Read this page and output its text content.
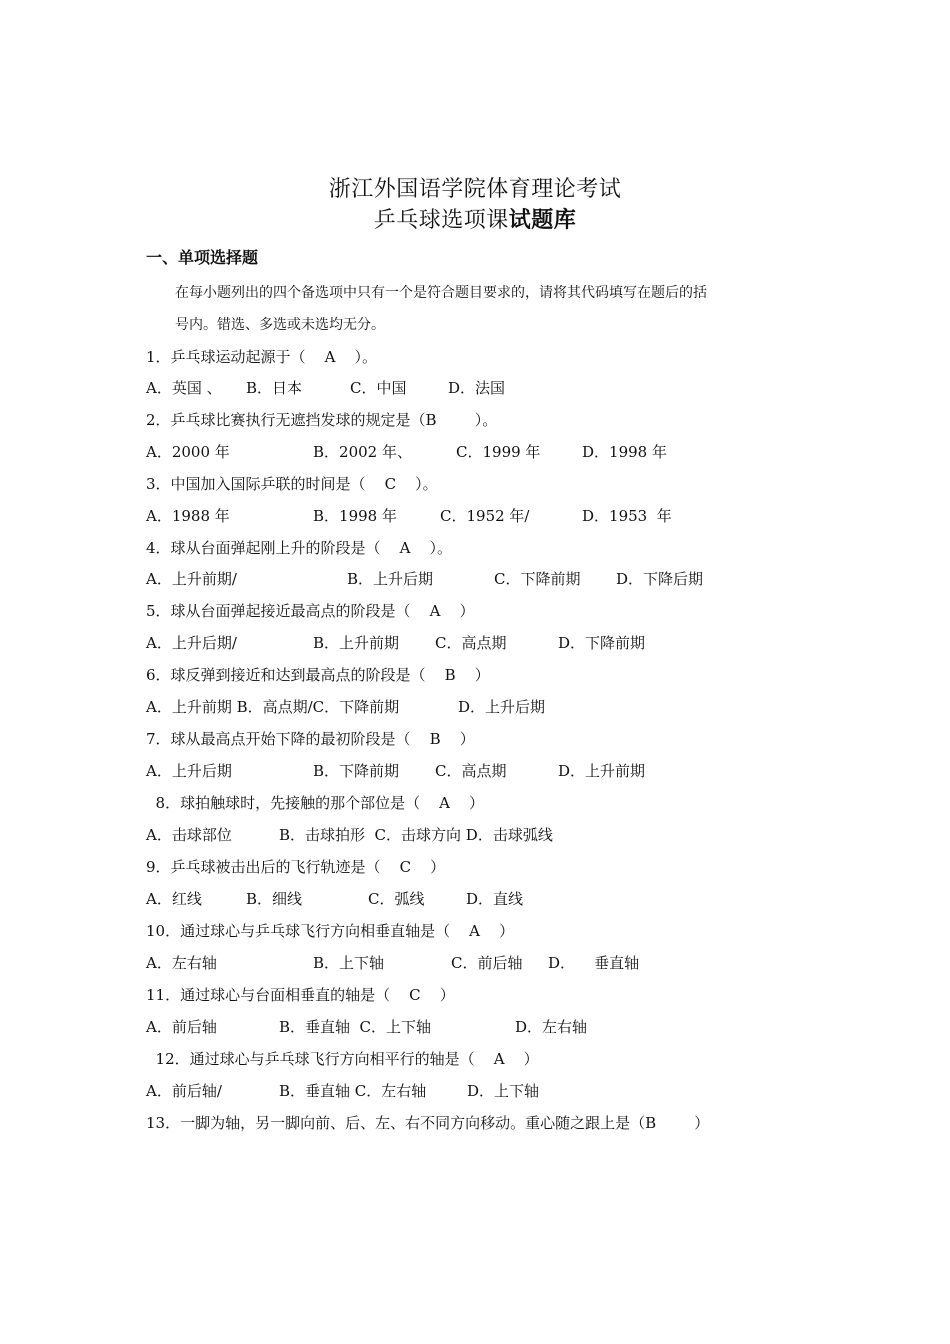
浙江外国语学院体育理论考试
乒乓球选项课试题库
一、单项选择题
在每小题列出的四个备选项中只有一个是符合题目要求的，请将其代码填写在题后的括
号内。错选、多选或未选均无分。
1．乒乓球运动起源于（    A    ）。
A．英国 、 B．日本	C．中国	D．法国
2．乒乓球比赛执行无遮挡发球的规定是（B        ）。
A．2000 年	B．2002 年、	C．1999 年	D．1998 年
3．中国加入国际乒联的时间是（    C    ）。
A．1988 年	B．1998 年	C．1952 年/	D．1953  年
4．球从台面弹起刚上升的阶段是（    A    ）。
A．上升前期/	B．上升后期	C．下降前期 D．下降后期
5．球从台面弹起接近最高点的阶段是（    A    ）
A．上升后期/	B．上升前期 C．高点期	D．下降前期
6．球反弹到接近和达到最高点的阶段是（    B    ）
A．上升前期 B．高点期/C．下降前期	D．上升后期
7．球从最高点开始下降的最初阶段是（    B    ）
A．上升后期	B．下降前期 C．高点期	D．上升前期
8．球拍触球时，先接触的那个部位是（    A    ）
A．击球部位	B．击球拍形  C．击球方向 D．击球弧线
9．乒乓球被击出后的飞行轨迹是（    C    ）
A．红线	B．细线	C．弧线	D．直线
10．通过球心与乒乓球飞行方向相垂直轴是（    A    ）
A．左右轴	B．上下轴	C．前后轴 D．    垂直轴
11．通过球心与台面相垂直的轴是（    C    ）
A．前后轴	B．垂直轴  C．上下轴	D．左右轴
12．通过球心与乒乓球飞行方向相平行的轴是（    A    ）
A．前后轴/	B．垂直轴 C．左右轴	D．上下轴
13．一脚为轴，另一脚向前、后、左、右不同方向移动。重心随之跟上是（B        ）
